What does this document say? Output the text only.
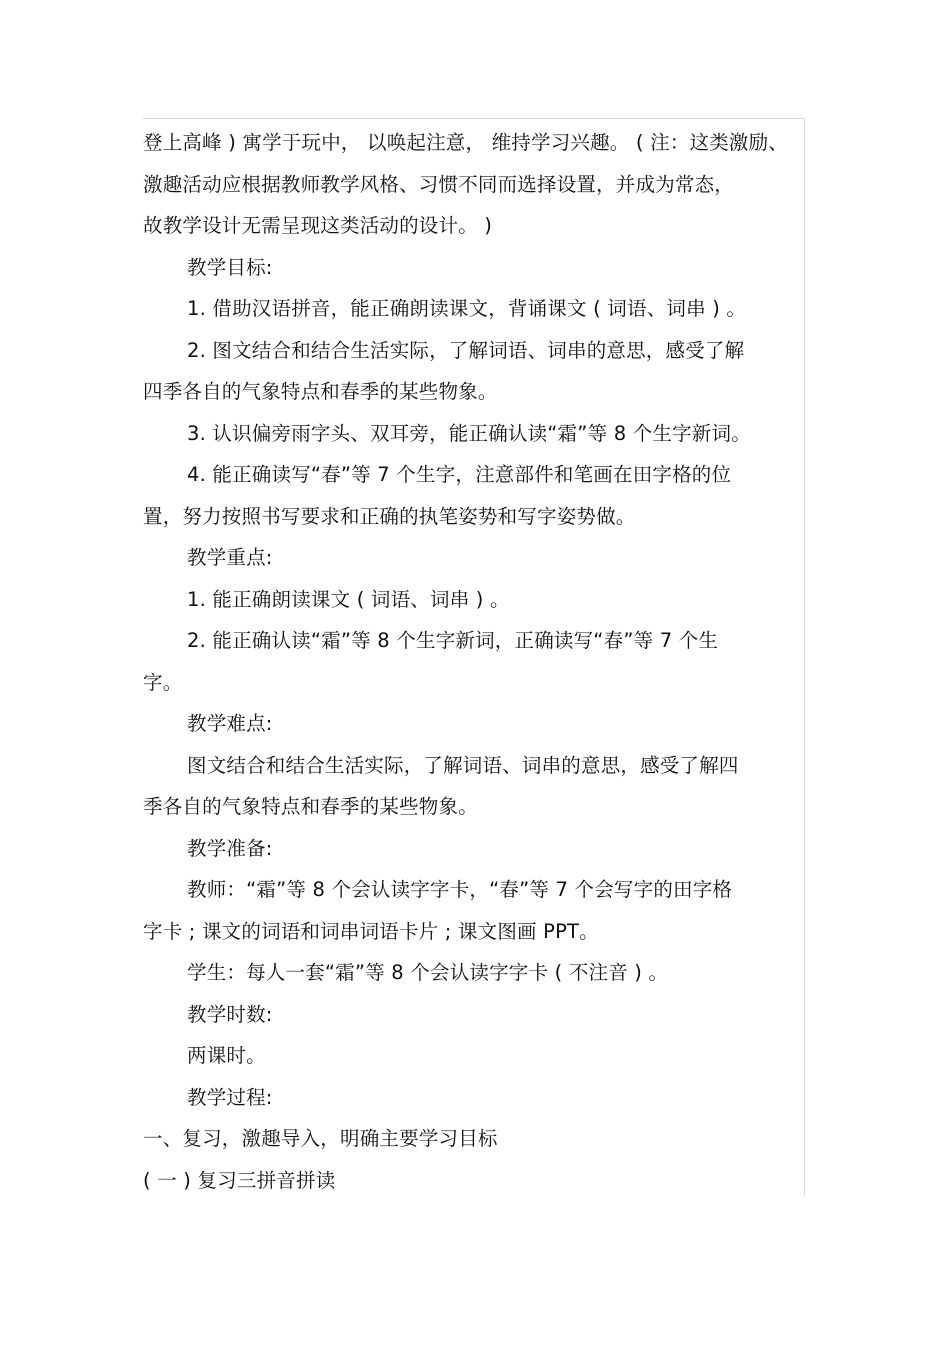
登上高峰 ) 寓学于玩中， 以唤起注意， 维持学习兴趣。 ( 注：这类激励、
激趣活动应根据教师教学风格、习惯不同而选择设置，并成为常态，
故教学设计无需呈现这类活动的设计。 )
教学目标:
1. 借助汉语拼音，能正确朗读课文，背诵课文 ( 词语、词串 ) 。
2. 图文结合和结合生活实际，了解词语、词串的意思，感受了解
四季各自的气象特点和春季的某些物象。
3. 认识偏旁雨字头、双耳旁，能正确认读“霜”等 8 个生字新词。
4. 能正确读写“春”等 7 个生字，注意部件和笔画在田字格的位
置，努力按照书写要求和正确的执笔姿势和写字姿势做。
教学重点:
1. 能正确朗读课文 ( 词语、词串 ) 。
2. 能正确认读“霜”等 8 个生字新词，正确读写“春”等 7 个生
字。
教学难点:
图文结合和结合生活实际，了解词语、词串的意思，感受了解四
季各自的气象特点和春季的某些物象。
教学准备:
教师：“霜”等 8 个会认读字字卡，“春”等 7 个会写字的田字格
字卡 ; 课文的词语和词串词语卡片 ; 课文图画 PPT。
学生：每人一套“霜”等 8 个会认读字字卡 ( 不注音 ) 。
教学时数:
两课时。
教学过程:
一、复习，激趣导入，明确主要学习目标
( 一 ) 复习三拼音拼读
